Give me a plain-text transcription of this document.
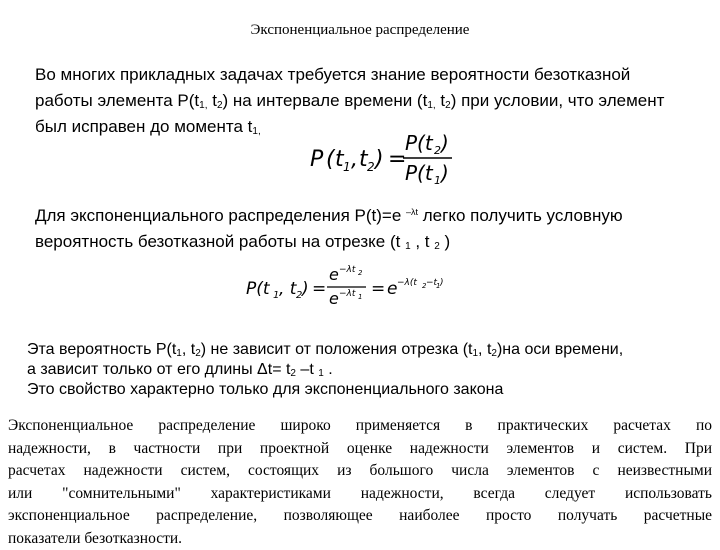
Экспоненциальное распределение
Во многих прикладных задачах требуется знание вероятности безотказной
работы элемента $P(t_{1,}$ $t_2$) на интервале времени ($t_{1,}$ $t_2$) при условии, что элемент
был исправен до момента $t_{1,}$
P ( t 1 , t 2 ) =
P(t 2 )
P(t 1 )
Для экспоненциального распределения P(t)=e $^{-\lambda t}$ легко получить условную
вероятность безотказной работы на отрезке (t $_1$ , t $_2$ )
P(t 1 , t 2 ) =
e −λt 2
e −λt 1 = e −λ(t 2 −t
1 )
Эта вероятность $P(t_1$, $t_2$) не зависит от положения отрезка ($t_1$, $t_2)на$ оси времени,
а зависит только от его длины $\Delta t= t_2$ –t $_1$ .
Это свойство характерно только для экспоненциального закона
Экспоненциальное распределение широко применяется в практических расчетах по
надежности, в частности при проектной оценке надежности элементов и систем. При
расчетах надежности систем, состоящих из большого числа элементов с неизвестными
или "сомнительными" характеристиками надежности, всегда следует использовать
экспоненциальное распределение, позволяющее наиболее просто получать расчетные
показатели безотказности.
